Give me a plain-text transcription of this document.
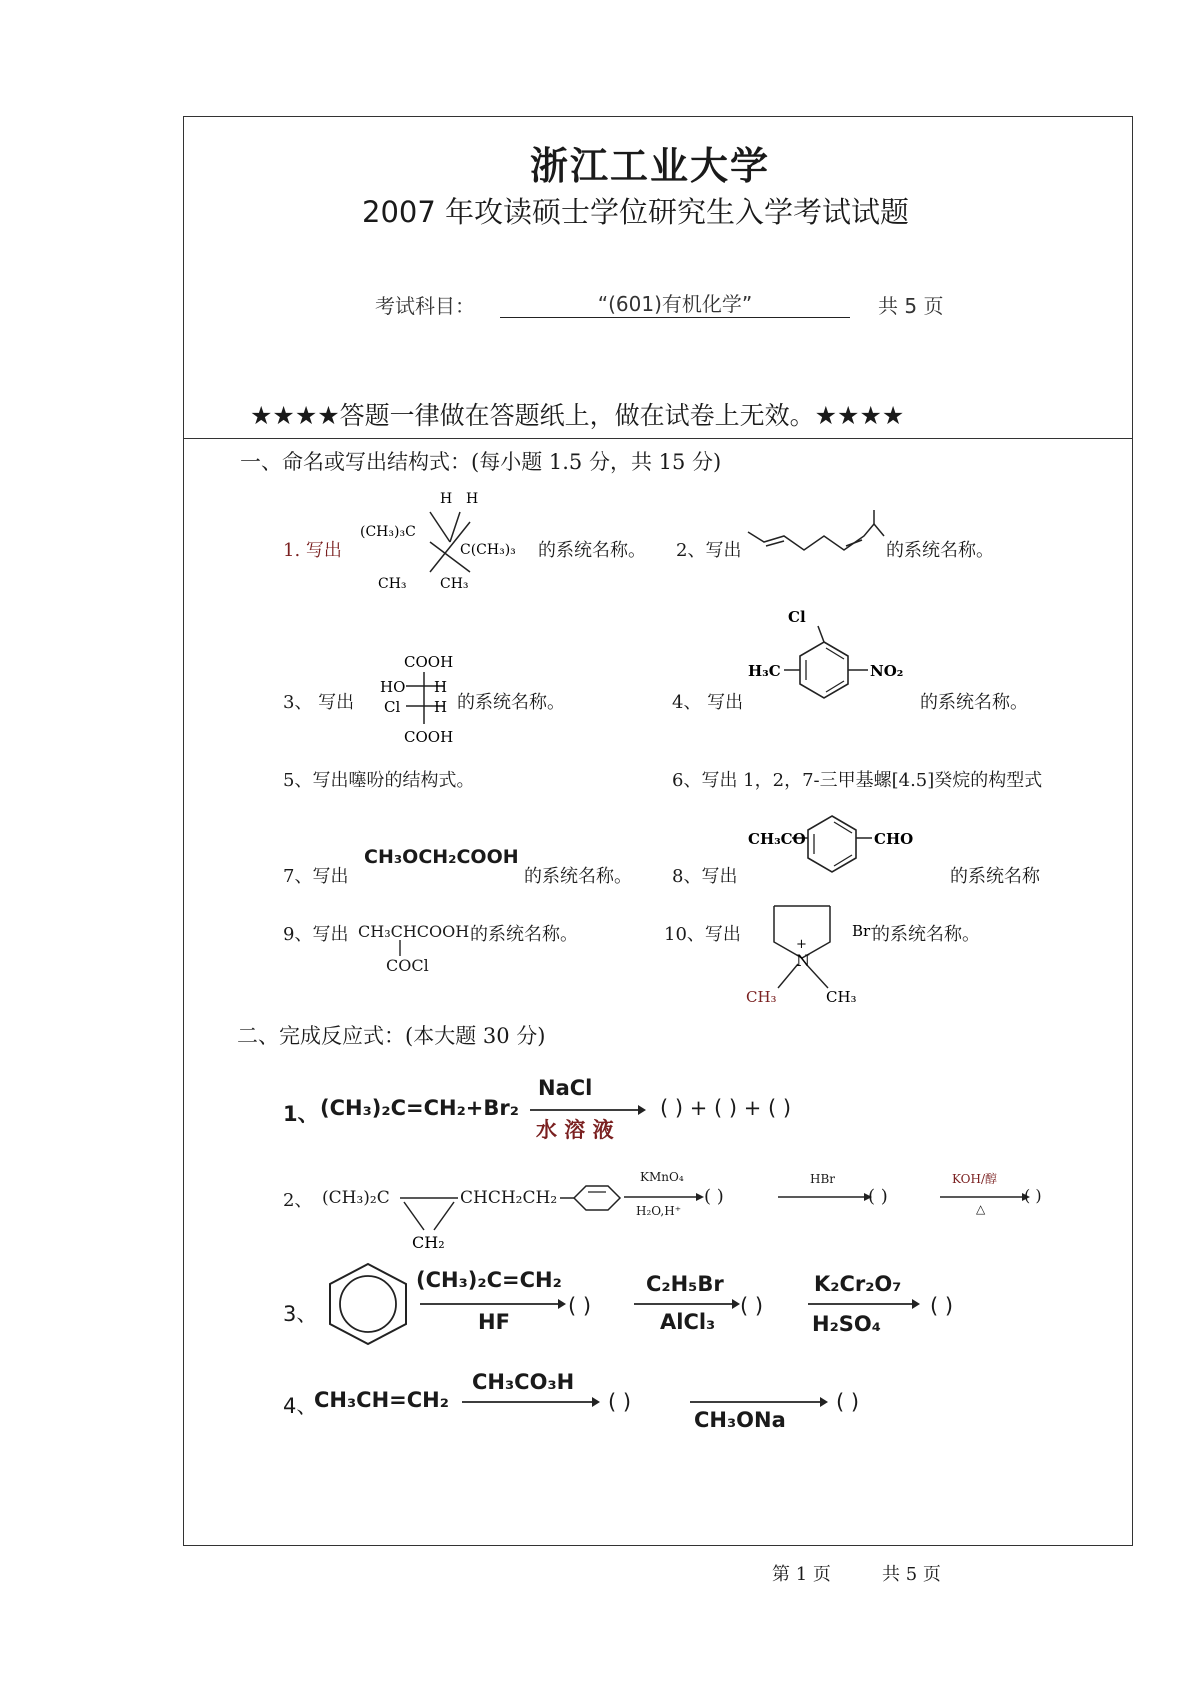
浙江工业大学
2007 年攻读硕士学位研究生入学考试试题
考试科目：	“(601)有机化学”	共 5 页
★★★★答题一律做在答题纸上，做在试卷上无效。★★★★
一、命名或写出结构式：(每小题 1.5 分，共 15 分)
1. 写出
H H
(CH₃)₃C
C(CH₃)₃
CH₃ CH₃
的系统名称。 2、写出	的系统名称。
3、 写出
COOH
HO H
Cl H
COOH
的系统名称。	4、 写出
Cl
H₃C	NO₂
的系统名称。
5、写出噻吩的结构式。	6、写出 1，2，7-三甲基螺[4.5]癸烷的构型式
7、写出
CH₃OCH₂COOH
的系统名称。 8、写出
CH₃CO	CHO
的系统名称
9、写出 CH₃CHCOOH
COCl
的系统名称。	10、写出	+
N
CH₃	CH₃
Br⁻
的系统名称。
二、完成反应式：(本大题 30 分)
1、 (CH₃)₂C=CH₂+Br₂
NaCl
水 溶 液
( ) + ( ) + ( )
2、 (CH₃)₂C
CH₂
CHCH₂CH₂
KMnO₄
H₂O,H⁺
( )
HBr
( )
KOH/醇
△
( )
3、
(CH₃)₂C=CH₂
HF
( )
C₂H₅Br
AlCl₃
( )
K₂Cr₂O₇
H₂SO₄
( )
4、
CH₃CH=CH₂
CH₃CO₃H
( )
CH₃ONa
( )
第 1 页	共 5 页
